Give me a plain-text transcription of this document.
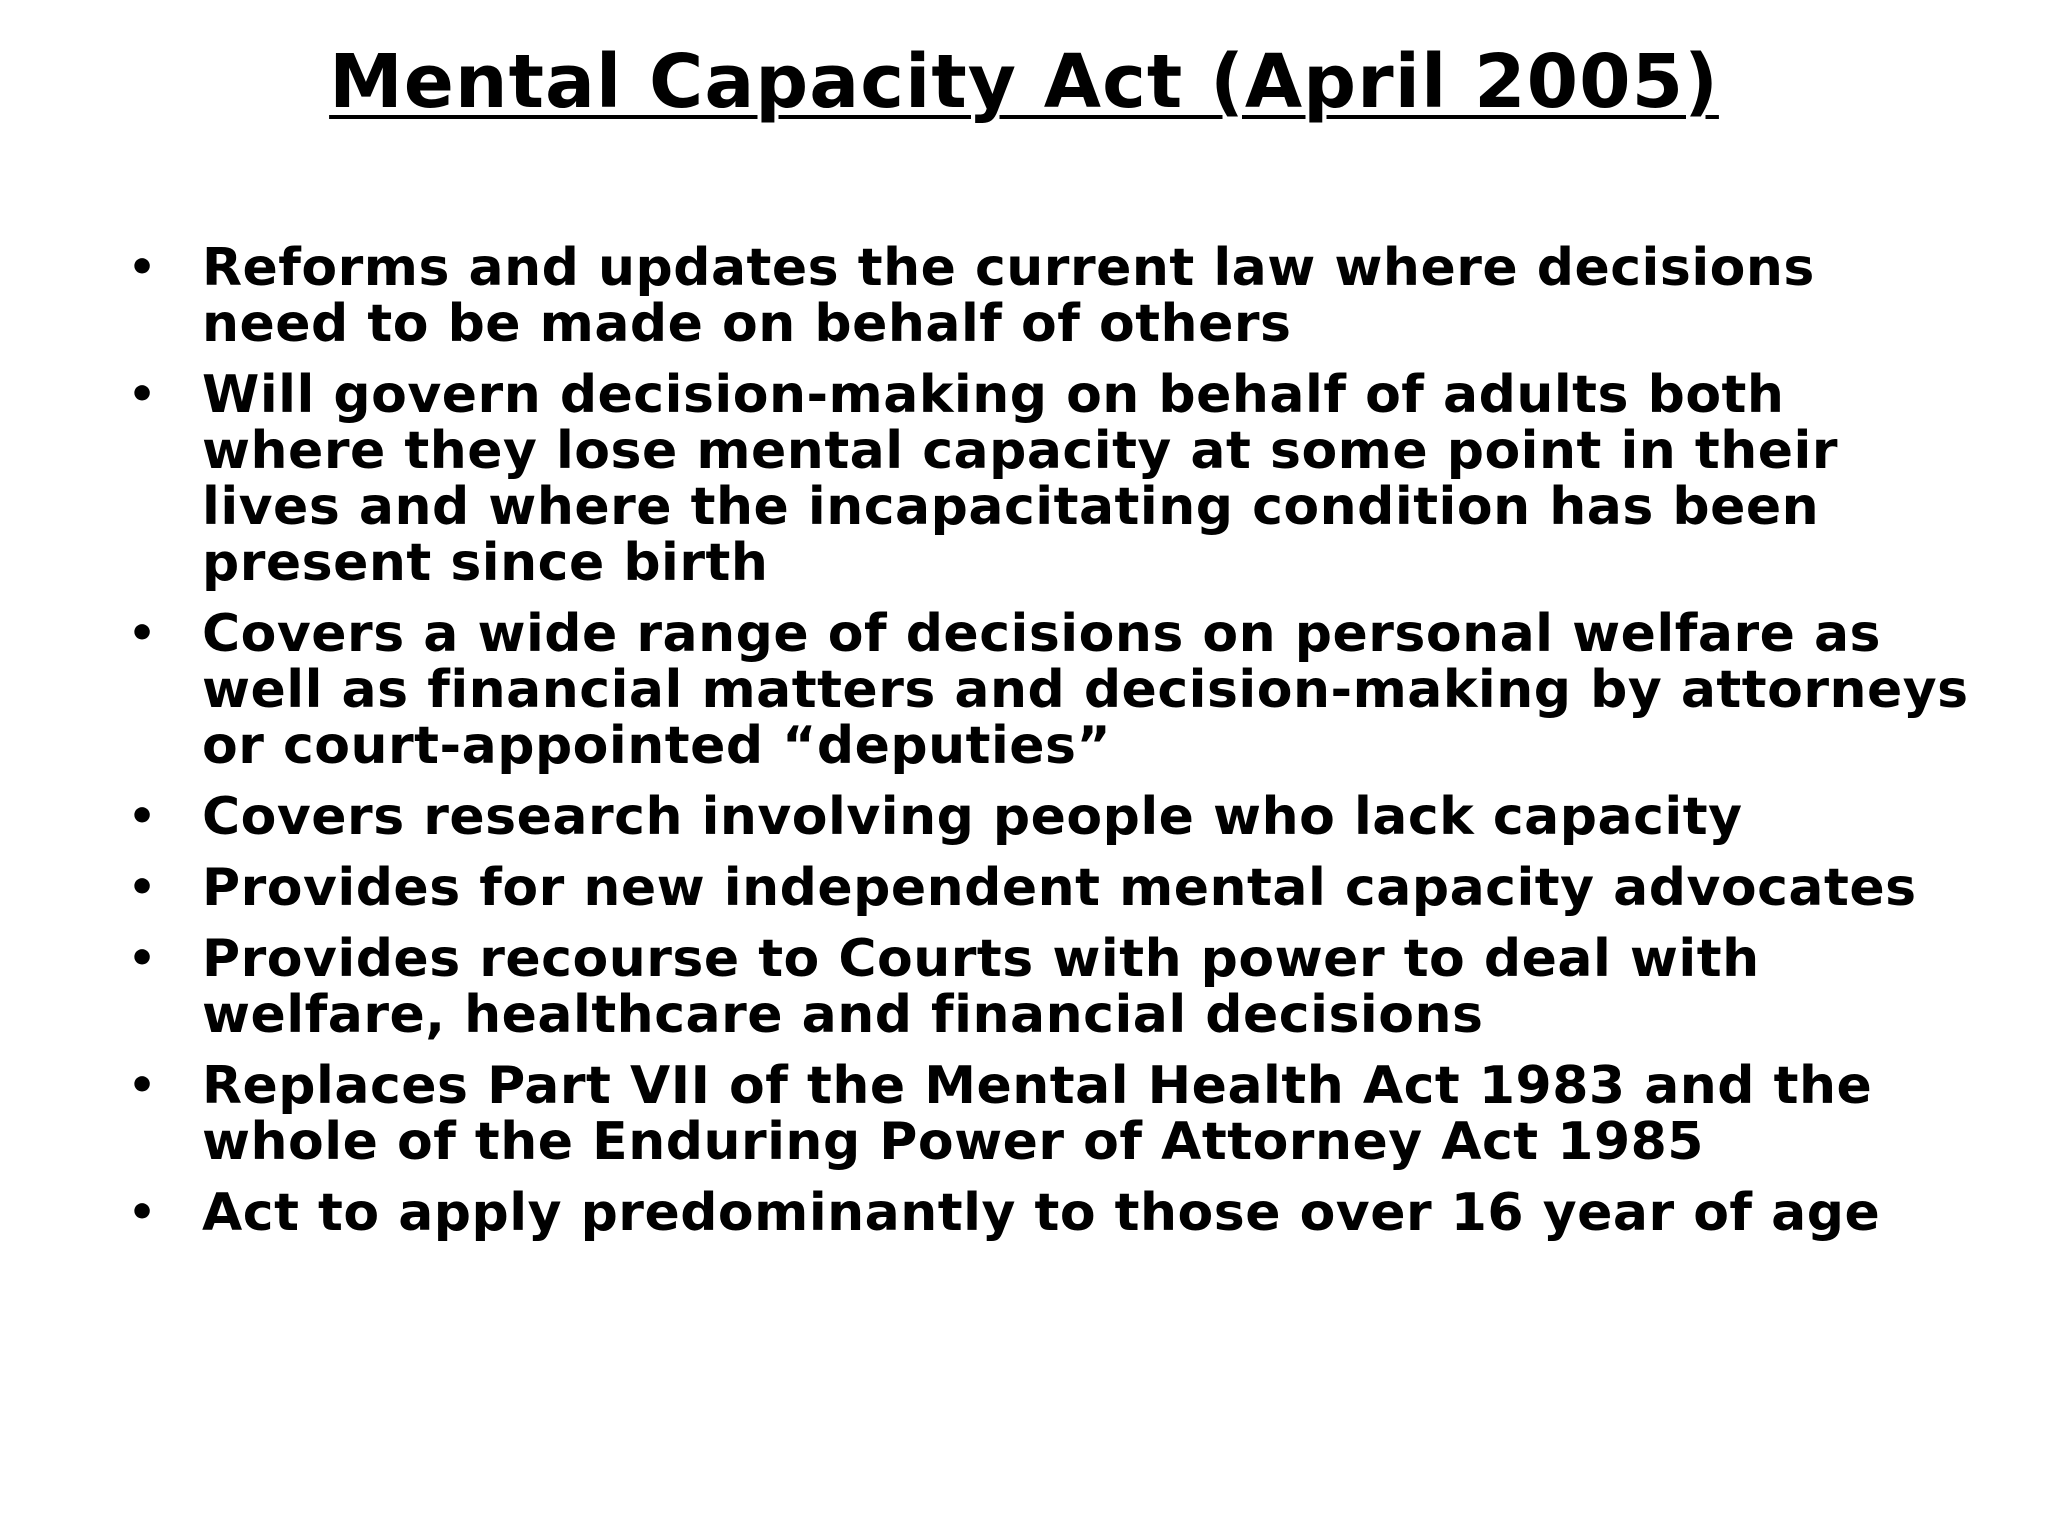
Mental Capacity Act (April 2005)
• Reforms and updates the current law where decisions need to be made on behalf of others
• Will govern decision-making on behalf of adults both where they lose mental capacity at some point in their lives and where the incapacitating condition has been present since birth
• Covers a wide range of decisions on personal welfare as well as financial matters and decision-making by attorneys or court-appointed “deputies”
• Covers research involving people who lack capacity
• Provides for new independent mental capacity advocates
• Provides recourse to Courts with power to deal with welfare, healthcare and financial decisions
• Replaces Part VII of the Mental Health Act 1983 and the whole of the Enduring Power of Attorney Act 1985
• Act to apply predominantly to those over 16 year of age
